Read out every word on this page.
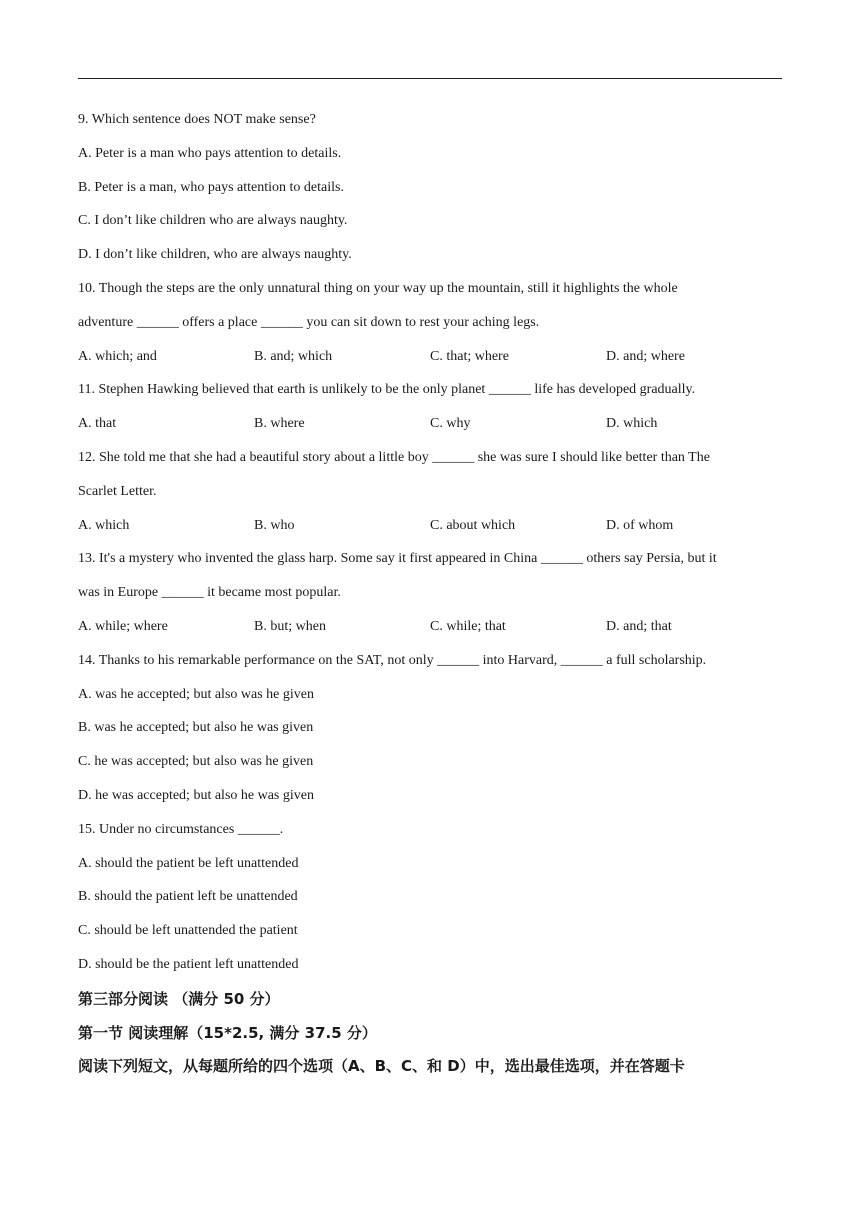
9. Which sentence does NOT make sense?
A. Peter is a man who pays attention to details.
B. Peter is a man, who pays attention to details.
C. I don’t like children who are always naughty.
D. I don’t like children, who are always naughty.
10. Though the steps are the only unnatural thing on your way up the mountain, still it highlights the whole
adventure ______ offers a place ______ you can sit down to rest your aching legs.
A. which; and	B. and; which	C. that; where	D. and; where
11. Stephen Hawking believed that earth is unlikely to be the only planet ______ life has developed gradually.
A. that	B. where	C. why	D. which
12. She told me that she had a beautiful story about a little boy ______ she was sure I should like better than The
Scarlet Letter.
A. which	B. who	C. about which	D. of whom
13. It's a mystery who invented the glass harp. Some say it first appeared in China ______ others say Persia, but it
was in Europe ______ it became most popular.
A. while; where	B. but; when	C. while; that	D. and; that
14. Thanks to his remarkable performance on the SAT, not only ______ into Harvard, ______ a full scholarship.
A. was he accepted; but also was he given
B. was he accepted; but also he was given
C. he was accepted; but also was he given
D. he was accepted; but also he was given
15. Under no circumstances ______.
A. should the patient be left unattended
B. should the patient left be unattended
C. should be left unattended the patient
D. should be the patient left unattended
第三部分阅读 （满分 50 分）
第一节 阅读理解（15*2.5, 满分 37.5 分）
阅读下列短文，从每题所给的四个选项（A、B、C、和 D）中，选出最佳选项，并在答题卡
